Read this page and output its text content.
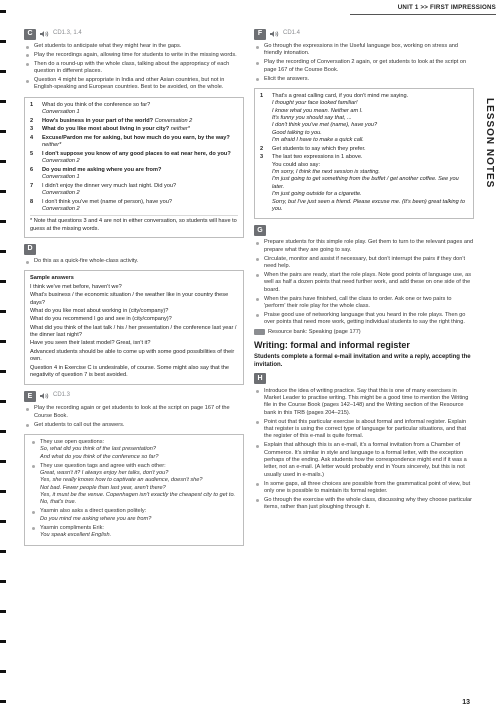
UNIT 1 >> FIRST IMPRESSIONS
LESSON NOTES
C	CD1.3, 1.4
Get students to anticipate what they might hear in the gaps.
Play the recordings again, allowing time for students to write in the missing words.
Then do a round-up with the whole class, talking about the appropriacy of each question in different places.
Question 4 might be appropriate in India and other Asian countries, but not in English-speaking and European countries. Best to be avoided, on the whole.
1	What do you think of the conference so far?
Conversation 1
2	How's business in your part of the world? Conversation 2
3	What do you like most about living in your city? neither*
4	Excuse/Pardon me for asking, but how much do you earn, by the way? neither*
5	I don't suppose you know of any good places to eat near here, do you? Conversation 2
6	Do you mind me asking where you are from?
Conversation 1
7	I didn't enjoy the dinner very much last night. Did you?
Conversation 2
8	I don't think you've met (name of person), have you?
Conversation 2
* Note that questions 3 and 4 are not in either conversation, so students will have to guess at the missing words.
D
Do this as a quick-fire whole-class activity.
Sample answers

I think we've met before, haven't we?

What's business / the economic situation / the weather like in your country these days?

What do you like most about working in (city/company)?

What do you recommend I go and see in (city/company)?

What did you think of the last talk / his / her presentation / the conference last year / the dinner last night?

Have you seen their latest model? Great, isn't it?

Advanced students should be able to come up with some good possibilities of their own.

Question 4 in Exercise C is undesirable, of course. Some might also say that the negativity of question 7 is best avoided.

E	CD1.3
Play the recording again or get students to look at the script on page 167 of the Course Book.
Get students to call out the answers.
They use open questions:
So, what did you think of the last presentation?
And what do you think of the conference so far?
They use question tags and agree with each other:
Great, wasn't it? I always enjoy her talks, don't you?
Yes, she really knows how to captivate an audience, doesn't she?
Not bad. Fewer people than last year, aren't there?
Yes, it must be the venue. Copenhagen isn't exactly the cheapest city to get to.
No, that's true.
Yasmin also asks a direct question politely:
Do you mind me asking where you are from?
Yasmin compliments Erik:
You speak excellent English.
F	CD1.4
Go through the expressions in the Useful language box, working on stress and friendly intonation.
Play the recording of Conversation 2 again, or get students to look at the script on page 167 of the Course Book.
Elicit the answers.
1	That's a great calling card, if you don't mind me saying.
I thought your face looked familiar!
I know what you mean. Neither am I.
It's funny you should say that, ...
I don't think you've met (name), have you?
Good talking to you.
I'm afraid I have to make a quick call.
2	Get students to say which they prefer.
3	The last two expressions in 1 above.
You could also say:
I'm sorry, I think the next session is starting.
I'm just going to get something from the buffet / get another coffee. See you later.
I'm just going outside for a cigarette.
Sorry, but I've just seen a friend. Please excuse me. (It's been) great talking to you.
G
Prepare students for this simple role play. Get them to turn to the relevant pages and prepare what they are going to say.
Circulate, monitor and assist if necessary, but don't interrupt the pairs if they don't need help.
When the pairs are ready, start the role plays. Note good points of language use, as well as half a dozen points that need further work, and add these on one side of the board.
When the pairs have finished, call the class to order. Ask one or two pairs to 'perform' their role play for the whole class.
Praise good use of networking language that you heard in the role plays. Then go over points that need more work, getting individual students to say the right thing.
Resource bank: Speaking (page 177)
Writing: formal and informal register
Students complete a formal e-mail invitation and write a reply, accepting the invitation.
H
Introduce the idea of writing practice. Say that this is one of many exercises in Market Leader to practise writing. This might be a good time to mention the Writing file in the Course Book (pages 142–148) and the Writing section of the Resource bank in this TRB (pages 204–215).
Point out that this particular exercise is about formal and informal register. Explain that register is using the correct type of language for particular situations, and that the register of this e-mail is quite formal.
Explain that although this is an e-mail, it's a formal invitation from a Chamber of Commerce. It's similar in style and language to a formal letter, with the exception perhaps of the ending. Ask students how the correspondence might end if it was a letter, not an e-mail. (A letter would probably end in Yours sincerely, but this is not usually used in e-mails.)
In some gaps, all three choices are possible from the grammatical point of view, but only one is possible to maintain its formal register.
Go through the exercise with the whole class, discussing why they choose particular items, rather than just ploughing through it.
13
